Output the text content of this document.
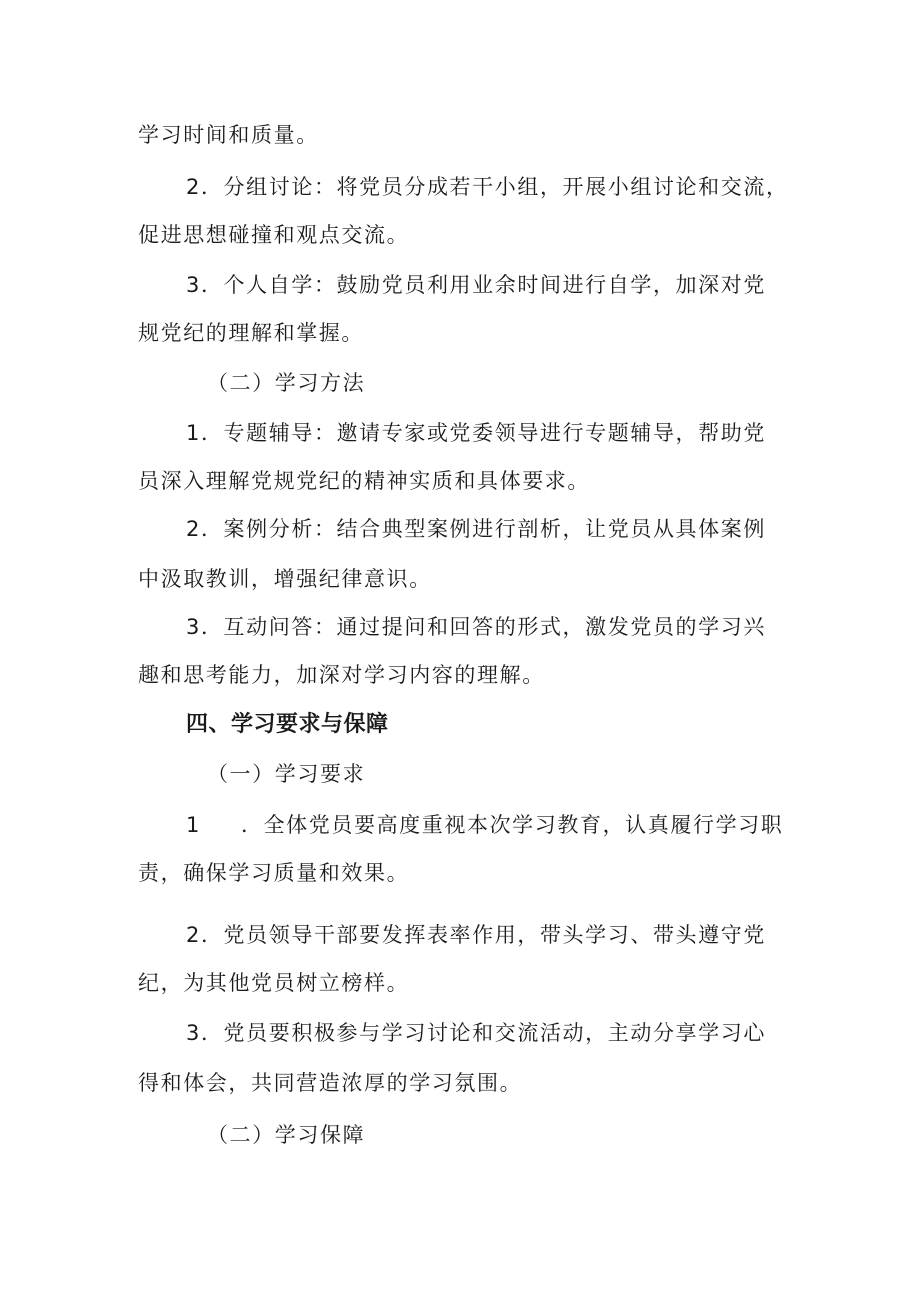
学习时间和质量。
2．分组讨论：将党员分成若干小组，开展小组讨论和交流，
促进思想碰撞和观点交流。
3．个人自学：鼓励党员利用业余时间进行自学，加深对党
规党纪的理解和掌握。
（二）学习方法
1．专题辅导：邀请专家或党委领导进行专题辅导，帮助党
员深入理解党规党纪的精神实质和具体要求。
2．案例分析：结合典型案例进行剖析，让党员从具体案例
中汲取教训，增强纪律意识。
3．互动问答：通过提问和回答的形式，激发党员的学习兴
趣和思考能力，加深对学习内容的理解。
四、学习要求与保障
（一）学习要求
1 ．全体党员要高度重视本次学习教育，认真履行学习职
责，确保学习质量和效果。
2．党员领导干部要发挥表率作用，带头学习、带头遵守党
纪，为其他党员树立榜样。
3．党员要积极参与学习讨论和交流活动，主动分享学习心
得和体会，共同营造浓厚的学习氛围。
（二）学习保障
